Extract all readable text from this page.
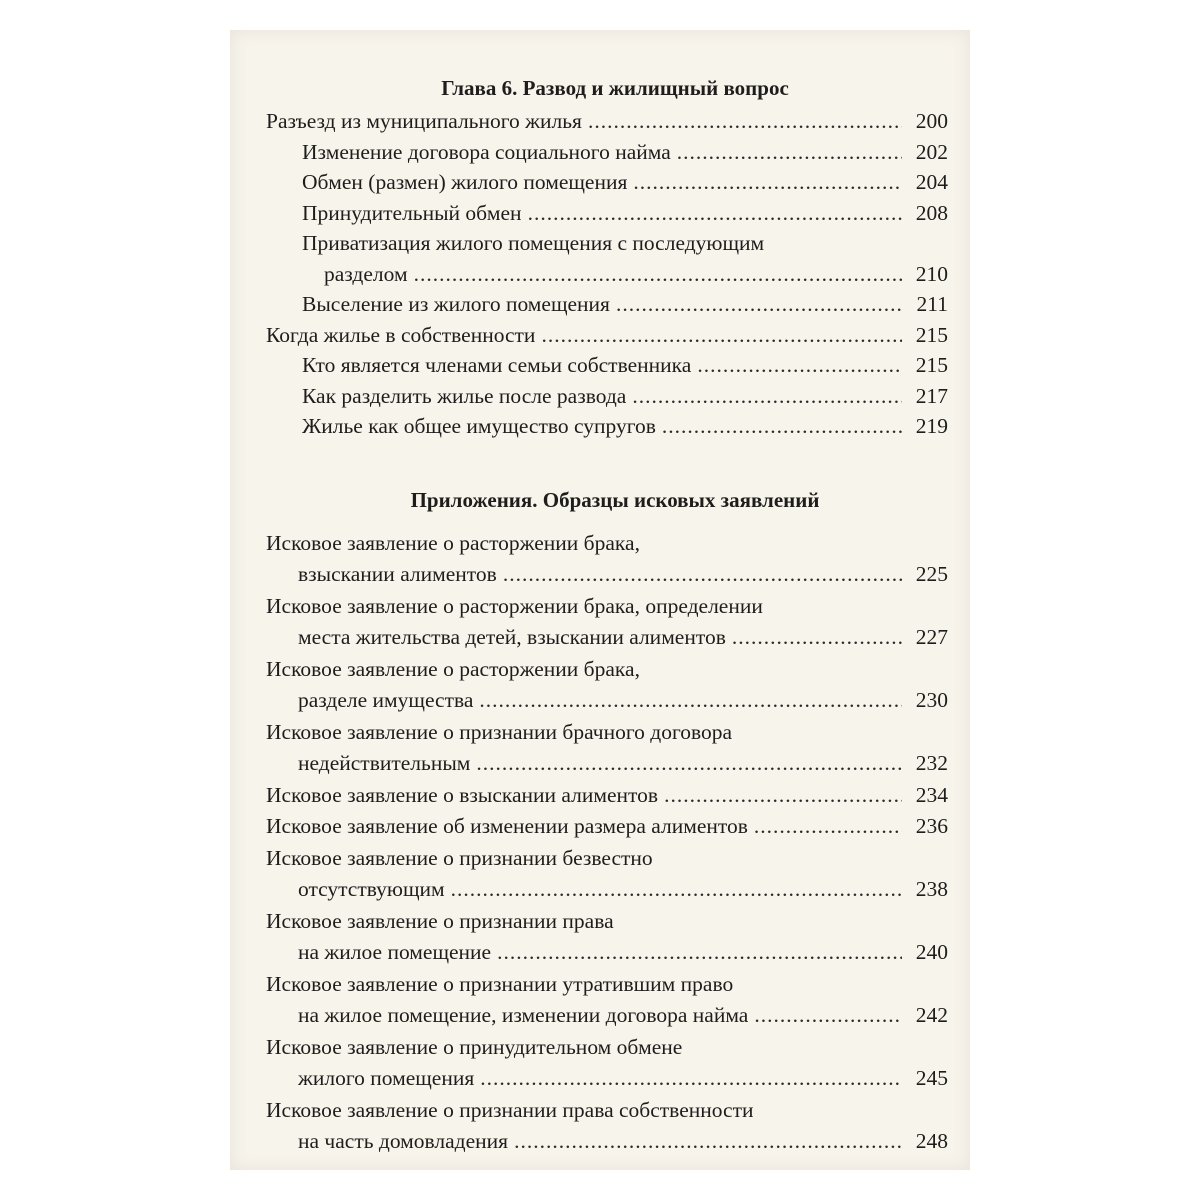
Глава 6. Развод и жилищный вопрос
Разъезд из муниципального жилья .....	200
Изменение договора социального найма .....	202
Обмен (размен) жилого помещения .....	204
Принудительный обмен .....	208
Приватизация жилого помещения с последующим
разделом .....	210
Выселение из жилого помещения .....	211
Когда жилье в собственности .....	215
Кто является членами семьи собственника .....	215
Как разделить жилье после развода .....	217
Жилье как общее имущество супругов .....	219
Приложения. Образцы исковых заявлений
Исковое заявление о расторжении брака,
взыскании алиментов .....	225
Исковое заявление о расторжении брака, определении
места жительства детей, взыскании алиментов .....	227
Исковое заявление о расторжении брака,
разделе имущества .....	230
Исковое заявление о признании брачного договора
недействительным .....	232
Исковое заявление о взыскании алиментов .....	234
Исковое заявление об изменении размера алиментов .....	236
Исковое заявление о признании безвестно
отсутствующим .....	238
Исковое заявление о признании права
на жилое помещение .....	240
Исковое заявление о признании утратившим право
на жилое помещение, изменении договора найма .....	242
Исковое заявление о принудительном обмене
жилого помещения .....	245
Исковое заявление о признании права собственности
на часть домовладения .....	248
